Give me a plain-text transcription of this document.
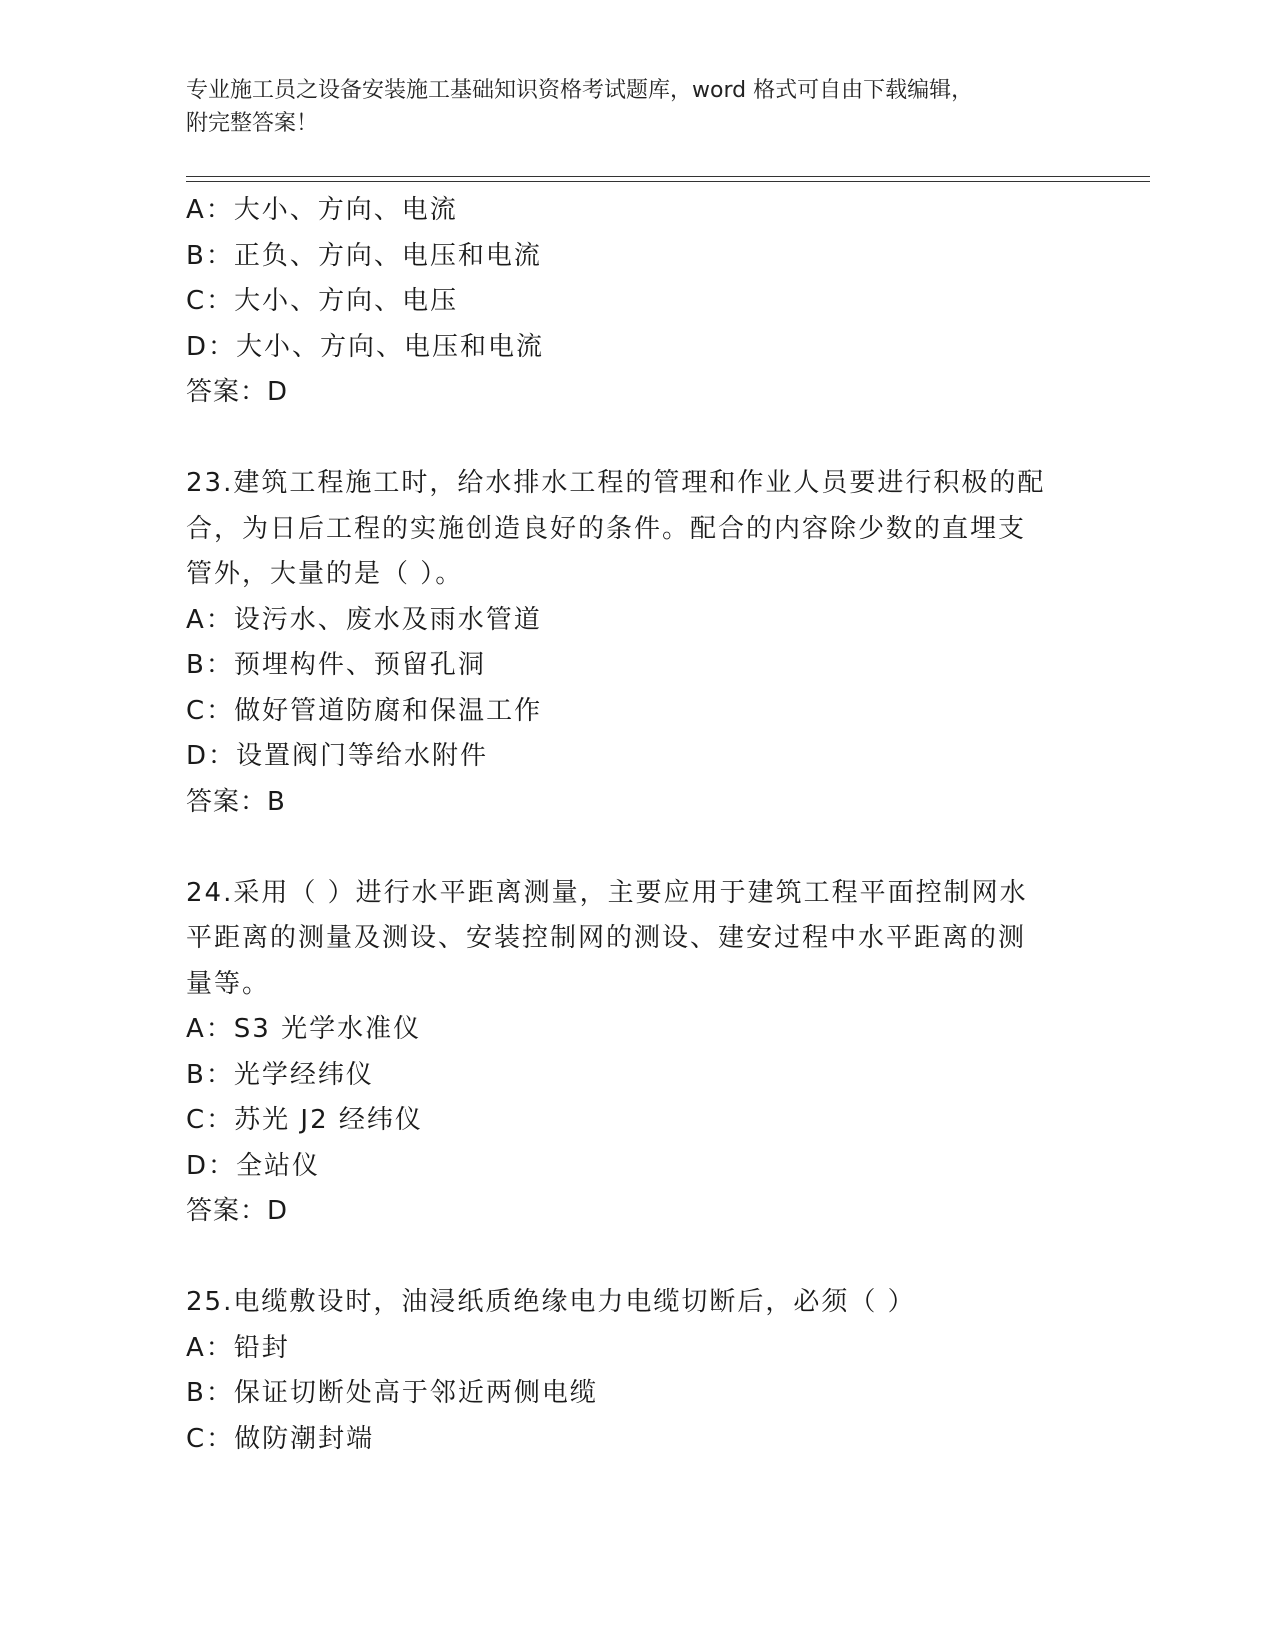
专业施工员之设备安装施工基础知识资格考试题库，word 格式可自由下载编辑，
附完整答案！
A：大小、方向、电流
B：正负、方向、电压和电流
C：大小、方向、电压
D：大小、方向、电压和电流
答案：D
23.建筑工程施工时，给水排水工程的管理和作业人员要进行积极的配
合，为日后工程的实施创造良好的条件。配合的内容除少数的直埋支
管外，大量的是（ ）。
A：设污水、废水及雨水管道
B：预埋构件、预留孔洞
C：做好管道防腐和保温工作
D：设置阀门等给水附件
答案：B
24.采用（ ）进行水平距离测量，主要应用于建筑工程平面控制网水
平距离的测量及测设、安装控制网的测设、建安过程中水平距离的测
量等。
A：S3 光学水准仪
B：光学经纬仪
C：苏光 J2 经纬仪
D：全站仪
答案：D
25.电缆敷设时，油浸纸质绝缘电力电缆切断后，必须（ ）
A：铅封
B：保证切断处高于邻近两侧电缆
C：做防潮封端
